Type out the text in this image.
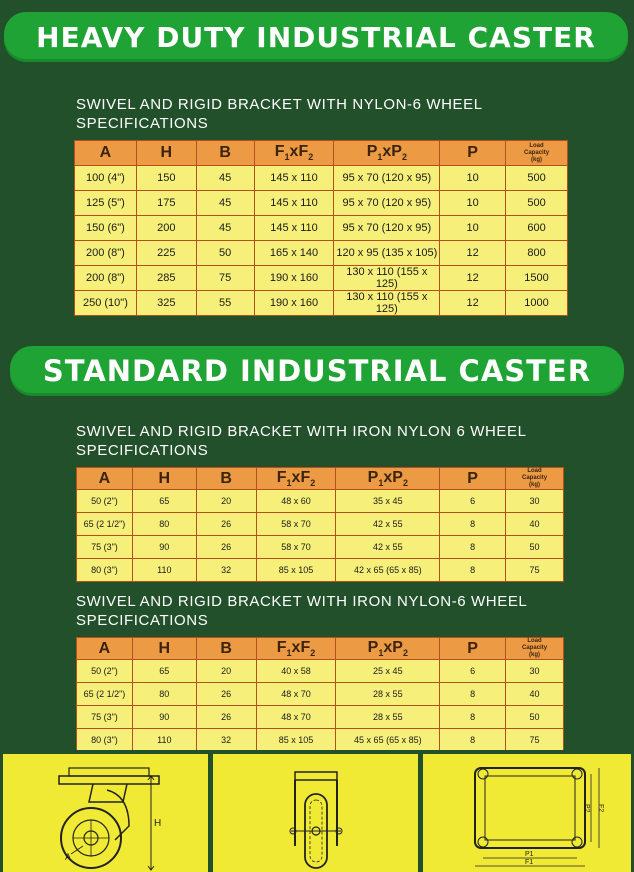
HEAVY DUTY INDUSTRIAL CASTER
SWIVEL AND RIGID BRACKET WITH NYLON-6 WHEEL
SPECIFICATIONS
A	H	B	$F_1xF_2$	$P_1xP_2$	P	Load
Capacity
(kg)

100 (4")	150	45	145 x 110	95 x 70 (120 x 95)	10	500
125 (5")	175	45	145 x 110	95 x 70 (120 x 95)	10	500
150 (6")	200	45	145 x 110	95 x 70 (120 x 95)	10	600
200 (8")	225	50	165 x 140	120 x 95 (135 x 105)	12	800
200 (8")	285	75	190 x 160	130 x 110 (155 x 125)	12	1500
250 (10")	325	55	190 x 160	130 x 110 (155 x 125)	12	1000
STANDARD INDUSTRIAL CASTER
SWIVEL AND RIGID BRACKET WITH IRON NYLON 6 WHEEL
SPECIFICATIONS
A	H	B	$F_1xF_2$	$P_1xP_2$	P	Load
Capacity
(kg)

50 (2")	65	20	48 x 60	35 x 45	6	30
65 (2 1/2")	80	26	58 x 70	42 x 55	8	40
75 (3")	90	26	58 x 70	42 x 55	8	50
80 (3")	110	32	85 x 105	42 x 65 (65 x 85)	8	75
SWIVEL AND RIGID BRACKET WITH IRON NYLON-6 WHEEL
SPECIFICATIONS
A	H	B	$F_1xF_2$	$P_1xP_2$	P	Load
Capacity
(kg)

50 (2")	65	20	40 x 58	25 x 45	6	30
65 (2 1/2")	80	26	48 x 70	28 x 55	8	40
75 (3")	90	26	48 x 70	28 x 55	8	50
80 (3")	110	32	85 x 105	45 x 65 (65 x 85)	8	75
H
A	P1
F1
P2 F2
